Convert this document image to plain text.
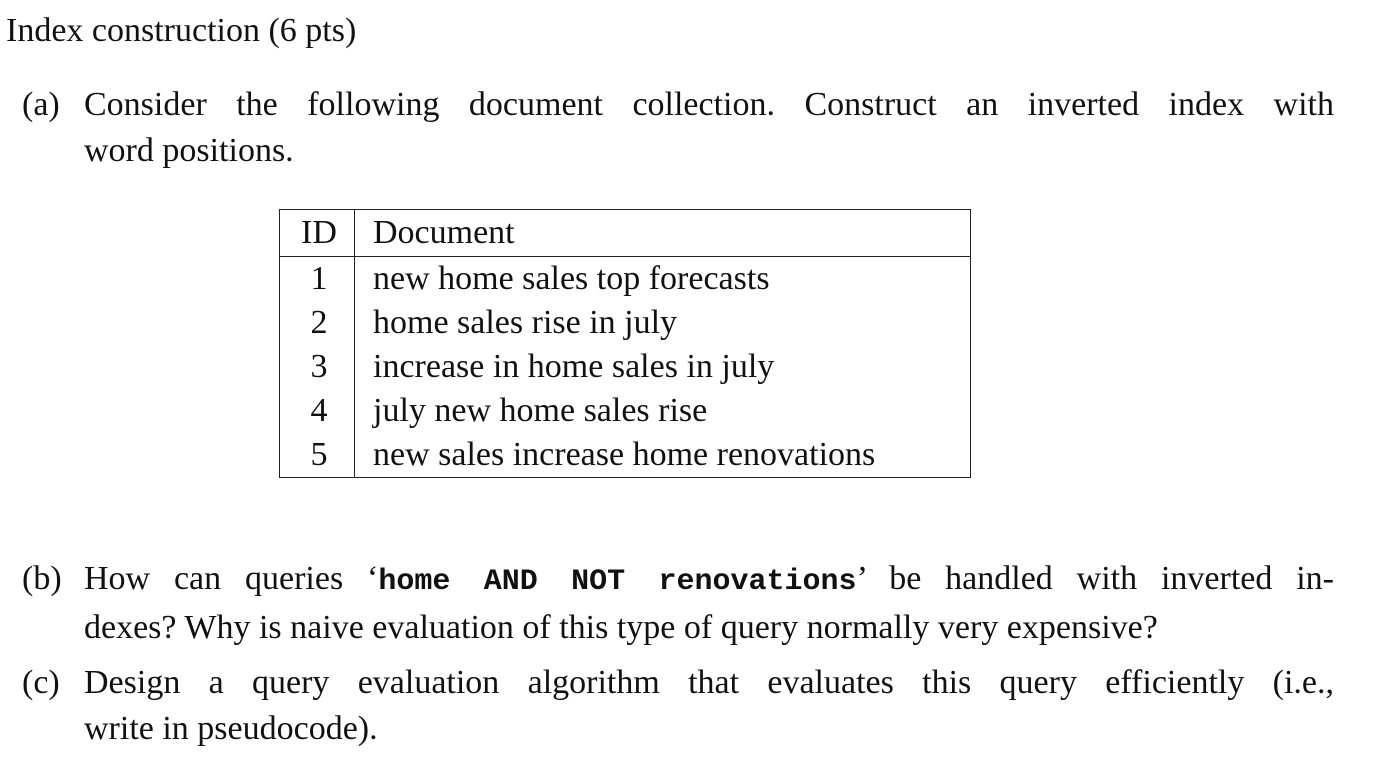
Index construction (6 pts)
(a) Consider the following document collection. Construct an inverted index with
word positions.
ID	Document
1	new home sales top forecasts
2	home sales rise in july
3	increase in home sales in july
4	july new home sales rise
5	new sales increase home renovations
(b) How can queries ‘home AND NOT renovations’ be handled with inverted in-
dexes? Why is naive evaluation of this type of query normally very expensive?
(c) Design a query evaluation algorithm that evaluates this query efficiently (i.e.,
write in pseudocode).
